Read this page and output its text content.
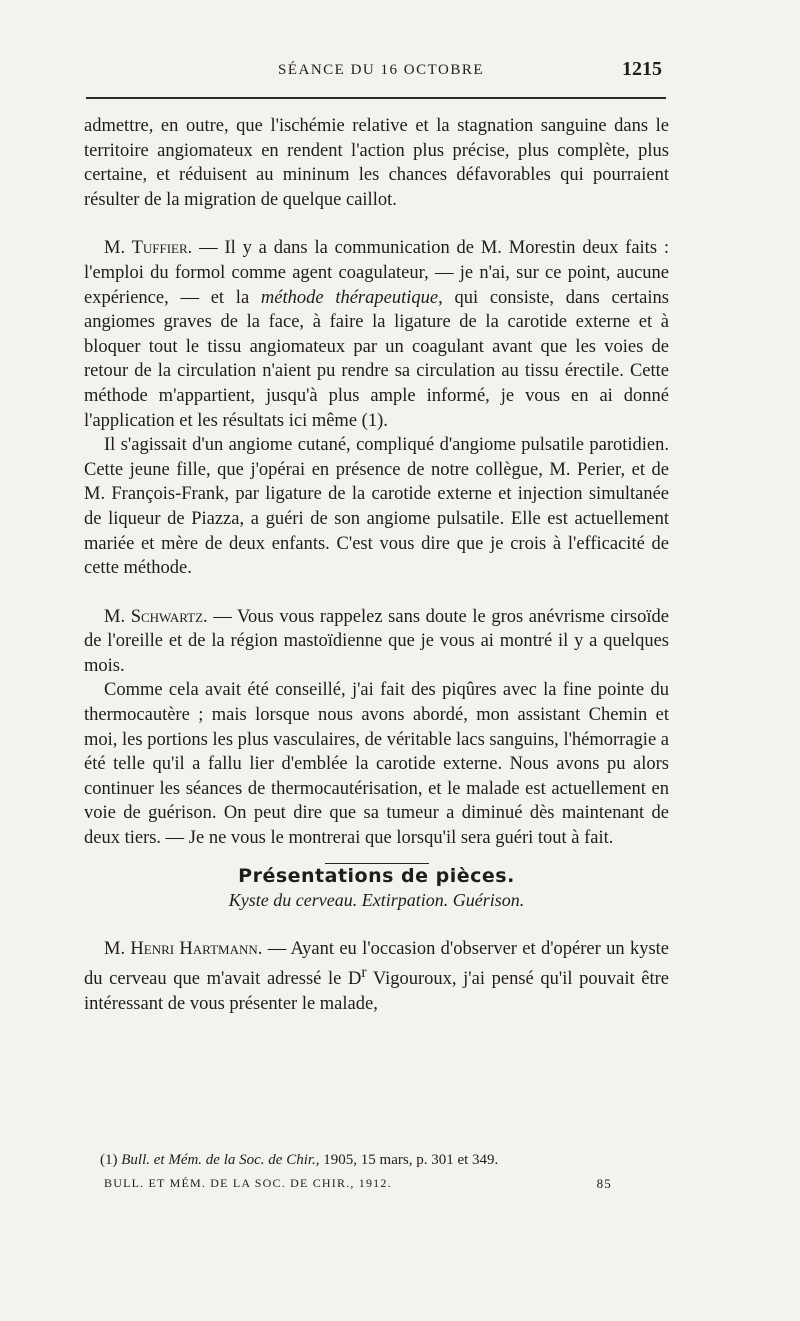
SÉANCE DU 16 OCTOBRE	1215

admettre, en outre, que l'ischémie relative et la stagnation sanguine dans le territoire angiomateux en rendent l'action plus précise, plus complète, plus certaine, et réduisent au mininum les chances défavorables qui pourraient résulter de la migration de quelque caillot.

M. Tuffier. — Il y a dans la communication de M. Morestin deux faits : l'emploi du formol comme agent coagulateur, — je n'ai, sur ce point, aucune expérience, — et la méthode thérapeutique, qui consiste, dans certains angiomes graves de la face, à faire la ligature de la carotide externe et à bloquer tout le tissu angiomateux par un coagulant avant que les voies de retour de la circulation n'aient pu rendre sa circulation au tissu érectile. Cette méthode m'appartient, jusqu'à plus ample informé, je vous en ai donné l'application et les résultats ici même (1).

Il s'agissait d'un angiome cutané, compliqué d'angiome pulsatile parotidien. Cette jeune fille, que j'opérai en présence de notre collègue, M. Perier, et de M. François-Frank, par ligature de la carotide externe et injection simultanée de liqueur de Piazza, a guéri de son angiome pulsatile. Elle est actuellement mariée et mère de deux enfants. C'est vous dire que je crois à l'efficacité de cette méthode.

M. Schwartz. — Vous vous rappelez sans doute le gros anévrisme cirsoïde de l'oreille et de la région mastoïdienne que je vous ai montré il y a quelques mois.

Comme cela avait été conseillé, j'ai fait des piqûres avec la fine pointe du thermocautère ; mais lorsque nous avons abordé, mon assistant Chemin et moi, les portions les plus vasculaires, de véritable lacs sanguins, l'hémorragie a été telle qu'il a fallu lier d'emblée la carotide externe. Nous avons pu alors continuer les séances de thermocautérisation, et le malade est actuellement en voie de guérison. On peut dire que sa tumeur a diminué dès maintenant de deux tiers. — Je ne vous le montrerai que lorsqu'il sera guéri tout à fait.

Présentations de pièces.

Kyste du cerveau. Extirpation. Guérison.

M. Henri Hartmann. — Ayant eu l'occasion d'observer et d'opérer un kyste du cerveau que m'avait adressé le $D^r$ Vigouroux, j'ai pensé qu'il pouvait être intéressant de vous présenter le malade,

(1) Bull. et Mém. de la Soc. de Chir., 1905, 15 mars, p. 301 et 349.
BULL. ET MÉM. DE LA SOC. DE CHIR., 1912.	85
